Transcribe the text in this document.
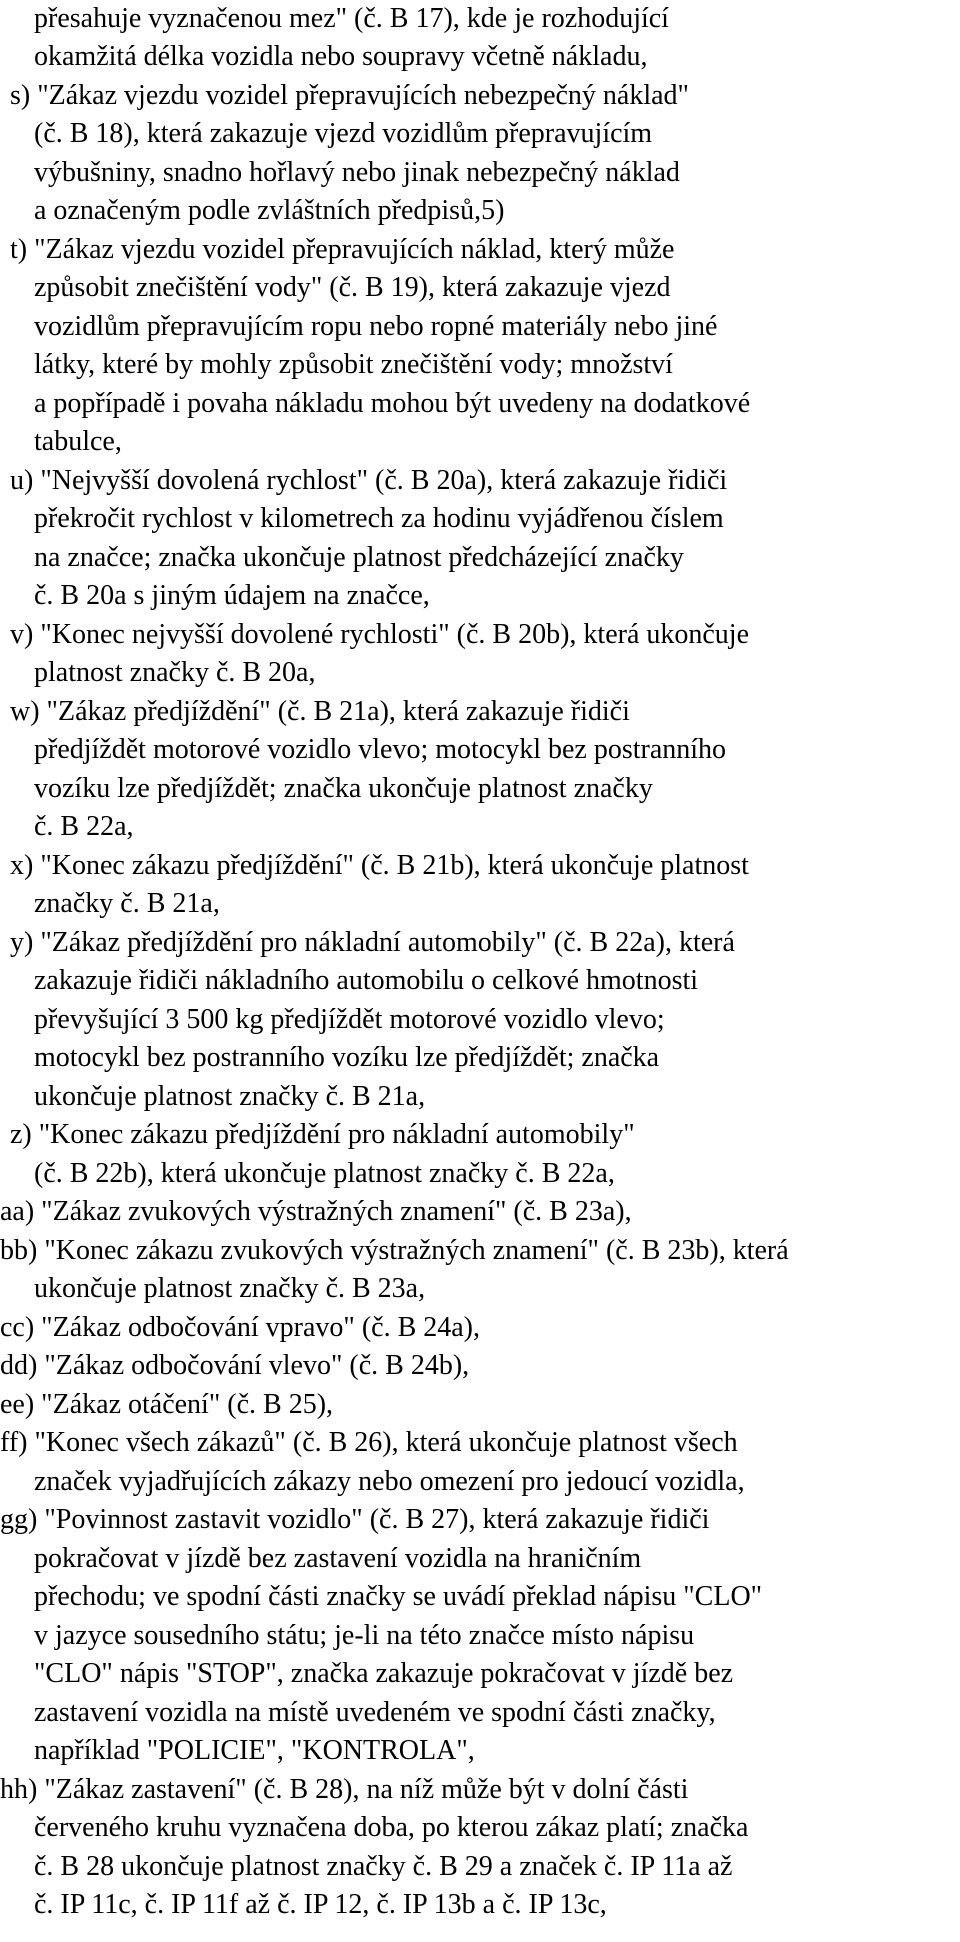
přesahuje vyznačenou mez" (č. B 17), kde je rozhodující
okamžitá délka vozidla nebo soupravy včetně nákladu,
s) "Zákaz vjezdu vozidel přepravujících nebezpečný náklad"
(č. B 18), která zakazuje vjezd vozidlům přepravujícím
výbušniny, snadno hořlavý nebo jinak nebezpečný náklad
a označeným podle zvláštních předpisů,5)
t) "Zákaz vjezdu vozidel přepravujících náklad, který může
způsobit znečištění vody" (č. B 19), která zakazuje vjezd
vozidlům přepravujícím ropu nebo ropné materiály nebo jiné
látky, které by mohly způsobit znečištění vody; množství
a popřípadě i povaha nákladu mohou být uvedeny na dodatkové
tabulce,
u) "Nejvyšší dovolená rychlost" (č. B 20a), která zakazuje řidiči
překročit rychlost v kilometrech za hodinu vyjádřenou číslem
na značce; značka ukončuje platnost předcházející značky
č. B 20a s jiným údajem na značce,
v) "Konec nejvyšší dovolené rychlosti" (č. B 20b), která ukončuje
platnost značky č. B 20a,
w) "Zákaz předjíždění" (č. B 21a), která zakazuje řidiči
předjíždět motorové vozidlo vlevo; motocykl bez postranního
vozíku lze předjíždět; značka ukončuje platnost značky
č. B 22a,
x) "Konec zákazu předjíždění" (č. B 21b), která ukončuje platnost
značky č. B 21a,
y) "Zákaz předjíždění pro nákladní automobily" (č. B 22a), která
zakazuje řidiči nákladního automobilu o celkové hmotnosti
převyšující 3 500 kg předjíždět motorové vozidlo vlevo;
motocykl bez postranního vozíku lze předjíždět; značka
ukončuje platnost značky č. B 21a,
z) "Konec zákazu předjíždění pro nákladní automobily"
(č. B 22b), která ukončuje platnost značky č. B 22a,
aa) "Zákaz zvukových výstražných znamení" (č. B 23a),
bb) "Konec zákazu zvukových výstražných znamení" (č. B 23b), která
ukončuje platnost značky č. B 23a,
cc) "Zákaz odbočování vpravo" (č. B 24a),
dd) "Zákaz odbočování vlevo" (č. B 24b),
ee) "Zákaz otáčení" (č. B 25),
ff) "Konec všech zákazů" (č. B 26), která ukončuje platnost všech
značek vyjadřujících zákazy nebo omezení pro jedoucí vozidla,
gg) "Povinnost zastavit vozidlo" (č. B 27), která zakazuje řidiči
pokračovat v jízdě bez zastavení vozidla na hraničním
přechodu; ve spodní části značky se uvádí překlad nápisu "CLO"
v jazyce sousedního státu; je-li na této značce místo nápisu
"CLO" nápis "STOP", značka zakazuje pokračovat v jízdě bez
zastavení vozidla na místě uvedeném ve spodní části značky,
například "POLICIE", "KONTROLA",
hh) "Zákaz zastavení" (č. B 28), na níž může být v dolní části
červeného kruhu vyznačena doba, po kterou zákaz platí; značka
č. B 28 ukončuje platnost značky č. B 29 a značek č. IP 11a až
č. IP 11c, č. IP 11f až č. IP 12, č. IP 13b a č. IP 13c,
